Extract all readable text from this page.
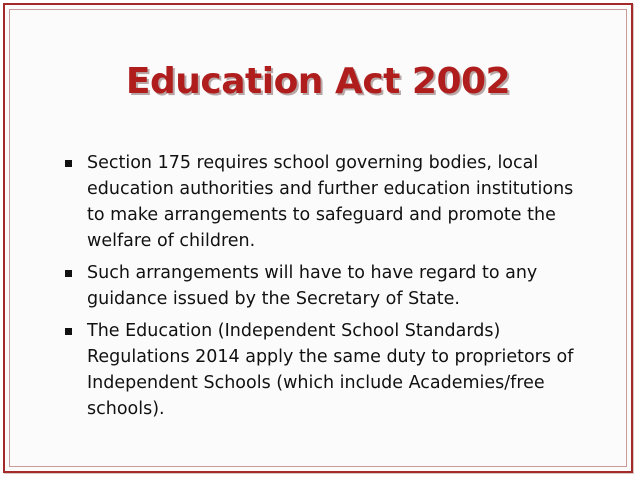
Education Act 2002
Section 175 requires school governing bodies, local education authorities and further education institutions to make arrangements to safeguard and promote the welfare of children.
Such arrangements will have to have regard to any guidance issued by the Secretary of State.
The Education (Independent School Standards) Regulations 2014 apply the same duty to proprietors of Independent Schools (which include Academies/free schools).
